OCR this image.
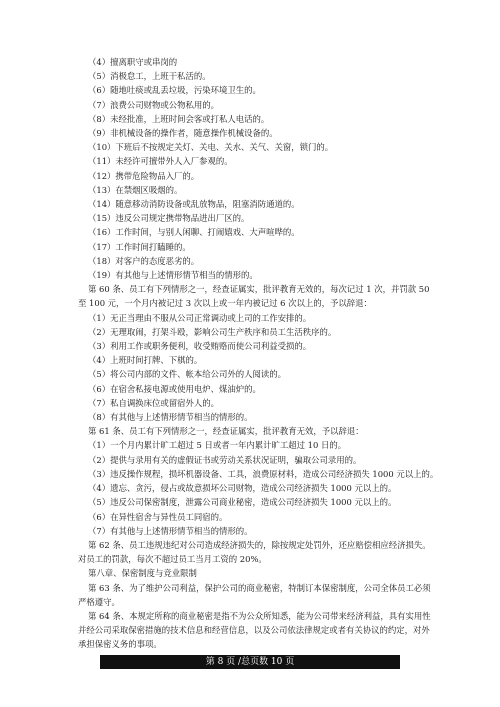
（4）擅离职守或串岗的
（5）消极怠工，上班干私活的。
（6）随地吐痰或乱丢垃圾，污染环境卫生的。
（7）浪费公司财物或公物私用的。
（8）未经批准，上班时间会客或打私人电话的。
（9）非机械设备的操作者，随意操作机械设备的。
（10）下班后不按规定关灯、关电、关水、关气、关窗，锁门的。
（11）未经许可擅带外人入厂参观的。
（12）携带危险物品入厂的。
（13）在禁烟区吸烟的。
（14）随意移动消防设备或乱放物品，阻塞消防通道的。
（15）违反公司规定携带物品进出厂区的。
（16）工作时间，与别人闲聊、打闹嬉戏、大声喧哗的。
（17）工作时间打瞌睡的。
（18）对客户的态度恶劣的。
（19）有其他与上述情形情节相当的情形的。
第 60 条、员工有下列情形之一，经查证属实，批评教育无效的，每次记过 1 次，并罚款 50
至 100 元，一个月内被记过 3 次以上或一年内被记过 6 次以上的，予以辞退：
（1）无正当理由不服从公司正常调动或上司的工作安排的。
（2）无理取闹，打架斗殴，影响公司生产秩序和员工生活秩序的。
（3）利用工作或职务便利，收受贿赂而使公司利益受损的。
（4）上班时间打牌、下棋的。
（5）将公司内部的文件、帐本给公司外的人阅读的。
（6）在宿舍私接电源或使用电炉、煤油炉的。
（7）私自调换床位或留宿外人的。
（8）有其他与上述情形情节相当的情形的。
第 61 条、员工有下列情形之一，经查证属实，批评教育无效，予以辞退：
（1）一个月内累计旷工超过 5 日或者一年内累计旷工超过 10 日的。
（2）提供与录用有关的虚假证书或劳动关系状况证明，骗取公司录用的。
（3）违反操作规程，损坏机器设备、工具，浪费原材料，造成公司经济损失 1000 元以上的。
（4）遗忘、贪污，侵占或故意损坏公司财物，造成公司经济损失 1000 元以上的。
（5）违反公司保密制度，泄露公司商业秘密，造成公司经济损失 1000 元以上的。
（6）在异性宿舍与异性员工同宿的。
（7）有其他与上述情形情节相当的情形的。
第 62 条、员工违规违纪对公司造成经济损失的，除按规定处罚外，还应赔偿相应经济损失。
对员工的罚款，每次不超过员工当月工资的 20%。
第八章、保密制度与竞业限制
第 63 条、为了维护公司利益，保护公司的商业秘密，特制订本保密制度，公司全体员工必须
严格遵守。
第 64 条、本规定所称的商业秘密是指不为公众所知悉，能为公司带来经济利益，具有实用性
并经公司采取保密措施的技术信息和经营信息，以及公司依法律规定或者有关协议的约定，对外
承担保密义务的事项。
第 8 页 /总页数 10 页
